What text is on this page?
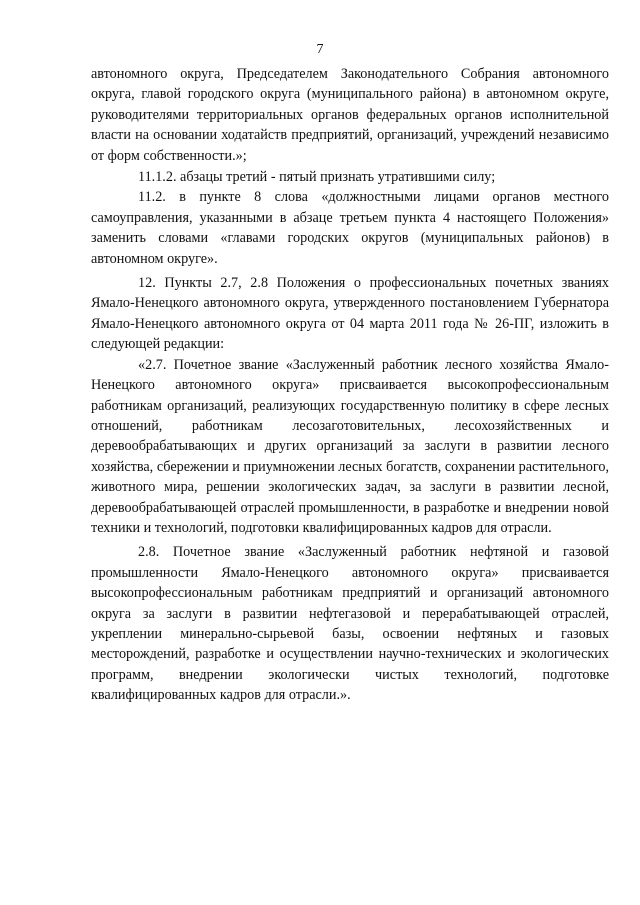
7

автономного округа, Председателем Законодательного Собрания автономного округа, главой городского округа (муниципального района) в автономном округе, руководителями территориальных органов федеральных органов исполнительной власти на основании ходатайств предприятий, организаций, учреждений независимо от форм собственности.»;

11.1.2. абзацы третий - пятый признать утратившими силу;

11.2. в пункте 8 слова «должностными лицами органов местного самоуправления, указанными в абзаце третьем пункта 4 настоящего Положения» заменить словами «главами городских округов (муниципальных районов) в автономном округе».

12. Пункты 2.7, 2.8 Положения о профессиональных почетных званиях Ямало-Ненецкого автономного округа, утвержденного постановлением Губернатора Ямало-Ненецкого автономного округа от 04 марта 2011 года № 26-ПГ, изложить в следующей редакции:

«2.7. Почетное звание «Заслуженный работник лесного хозяйства Ямало-Ненецкого автономного округа» присваивается высокопрофессиональным работникам организаций, реализующих государственную политику в сфере лесных отношений, работникам лесозаготовительных, лесохозяйственных и деревообрабатывающих и других организаций за заслуги в развитии лесного хозяйства, сбережении и приумножении лесных богатств, сохранении растительного, животного мира, решении экологических задач, за заслуги в развитии лесной, деревообрабатывающей отраслей промышленности, в разработке и внедрении новой техники и технологий, подготовки квалифицированных кадров для отрасли.

2.8. Почетное звание «Заслуженный работник нефтяной и газовой промышленности Ямало-Ненецкого автономного округа» присваивается высокопрофессиональным работникам предприятий и организаций автономного округа за заслуги в развитии нефтегазовой и перерабатывающей отраслей, укреплении минерально-сырьевой базы, освоении нефтяных и газовых месторождений, разработке и осуществлении научно-технических и экологических программ, внедрении экологически чистых технологий, подготовке квалифицированных кадров для отрасли.».
